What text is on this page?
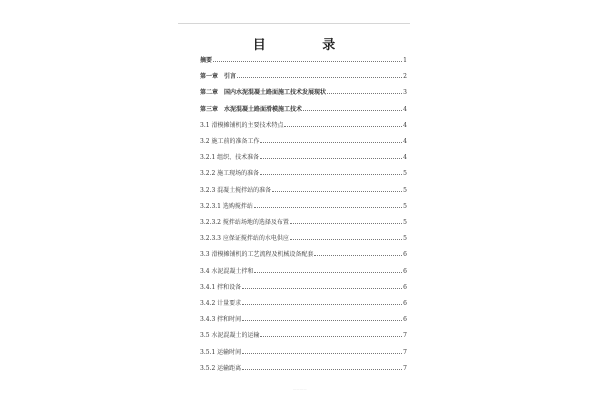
目 录
摘要	1
第一章　引言	2
第二章　国内水泥混凝土路面施工技术发展现状	3
第三章　水泥混凝土路面滑模施工技术	4
3.1 滑模摊铺机的主要技术特点	4
3.2 施工前的准备工作	4
3.2.1 组织、技术准备	4
3.2.2 施工现场的准备	5
3.2.3 混凝土搅拌站的准备	5
3.2.3.1 选购搅拌站	5
3.2.3.2 搅拌站场地的选择及布置	5
3.2.3.3 应保证搅拌站的水电供应	5
3.3 滑模摊铺机的工艺流程及机械设备配套	6
3.4 水泥混凝土拌和	6
3.4.1 拌和设备	6
3.4.2 计量要求	6
3.4.3 拌和时间	6
3.5 水泥混凝土的运输	7
3.5.1 运输时间	7
3.5.2 运输距离	7
…………
